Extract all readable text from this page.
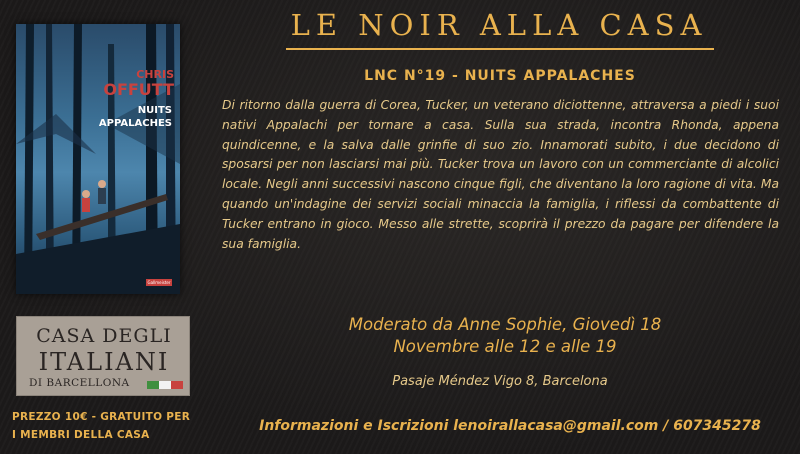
LE NOIR ALLA CASA
LNC N°19 - NUITS APPALACHES
CHRIS
OFFUTT
NUITS
APPALACHES
Gallmeister
Di ritorno dalla guerra di Corea, Tucker, un veterano diciottenne, attraversa a piedi i suoi nativi Appalachi per tornare a casa. Sulla sua strada, incontra Rhonda, appena quindicenne, e la salva dalle grinfie di suo zio. Innamorati subito, i due decidono di sposarsi per non lasciarsi mai più. Tucker trova un lavoro con un commerciante di alcolici locale. Negli anni successivi nascono cinque figli, che diventano la loro ragione di vita. Ma quando un'indagine dei servizi sociali minaccia la famiglia, i riflessi da combattente di Tucker entrano in gioco. Messo alle strette, scoprirà il prezzo da pagare per difendere la sua famiglia.
Moderato da Anne Sophie, Giovedì 18
Novembre alle 12 e alle 19
Pasaje Méndez Vigo 8, Barcelona
Informazioni e Iscrizioni lenoirallacasa@gmail.com / 607345278
CASA DEGLI
ITALIANI
DI BARCELLONA
PREZZO 10€ - GRATUITO PER
I MEMBRI DELLA CASA
